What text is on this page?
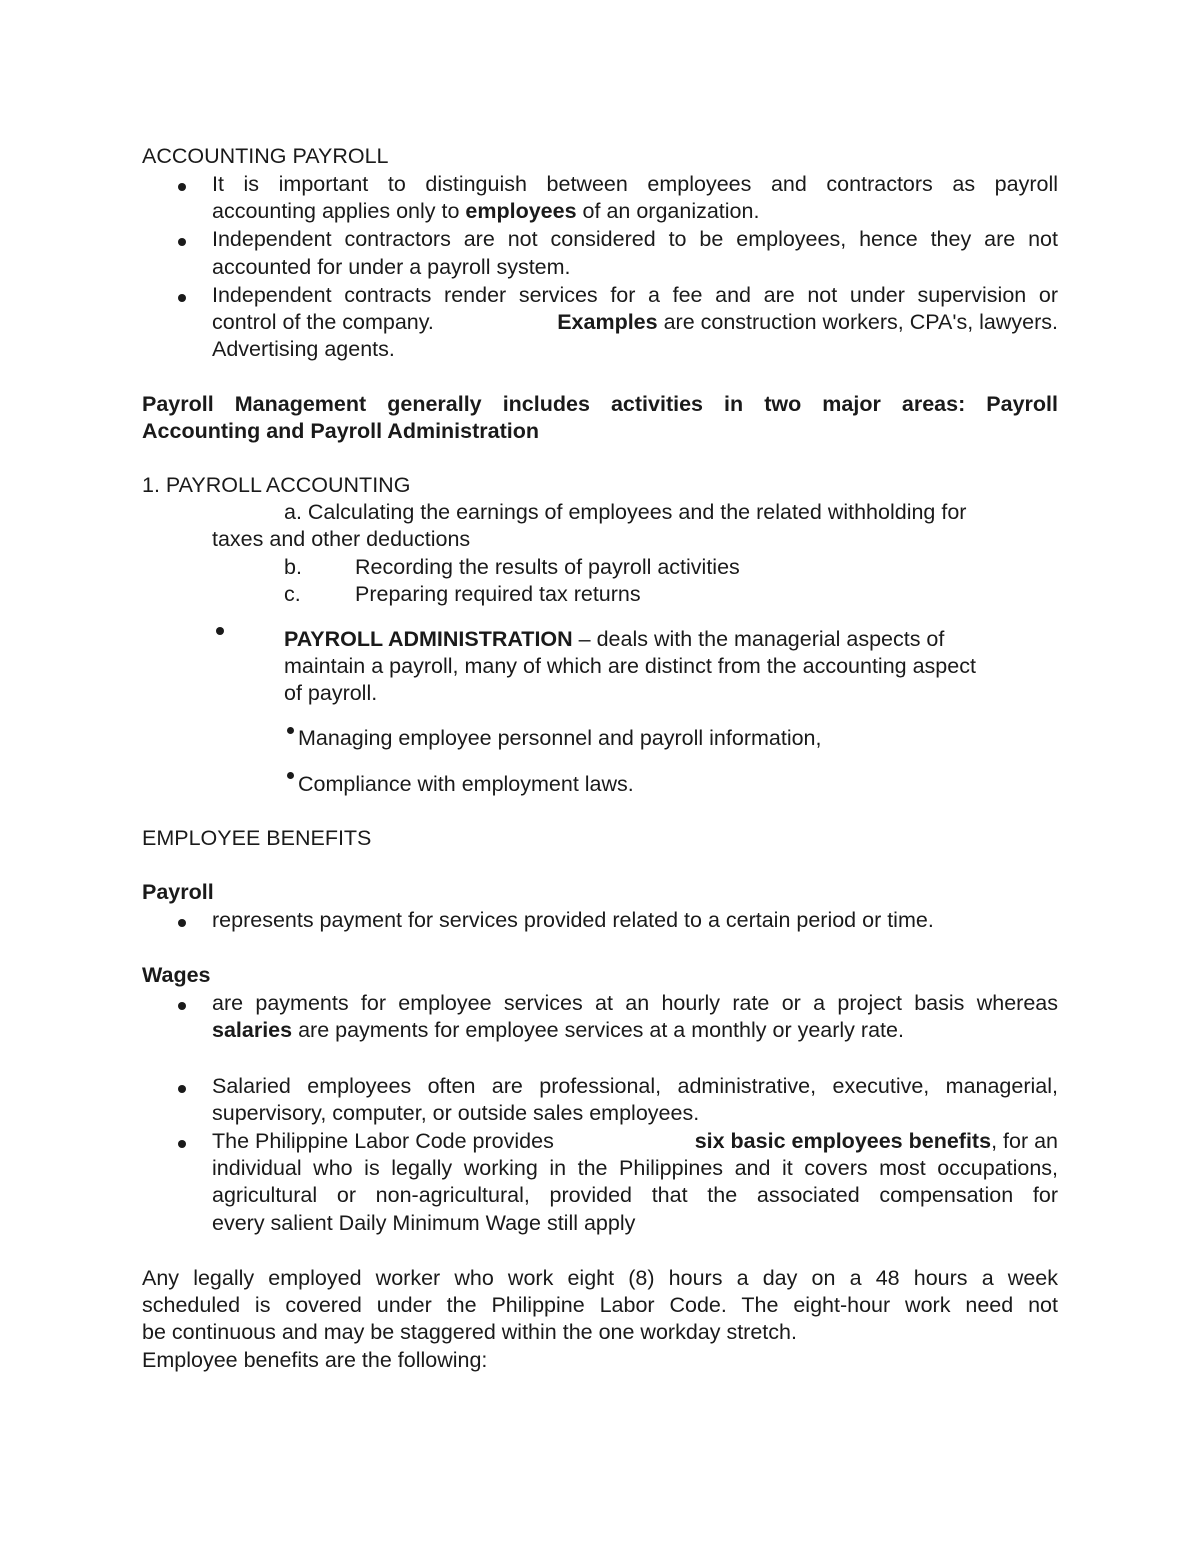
ACCOUNTING PAYROLL
It is important to distinguish between employees and contractors as payroll
accounting applies only to employees of an organization.
Independent contractors are not considered to be employees, hence they are not
accounted for under a payroll system.
Independent contracts render services for a fee and are not under supervision or
control of the company.	Examples are construction workers, CPA's, lawyers.
Advertising agents.
Payroll Management generally includes activities in two major areas: Payroll
Accounting and Payroll Administration
1. PAYROLL ACCOUNTING
a. Calculating the earnings of employees and the related withholding for
taxes and other deductions
b. Recording the results of payroll activities
c.	Preparing required tax returns
PAYROLL ADMINISTRATION – deals with the managerial aspects of
maintain a payroll, many of which are distinct from the accounting aspect
of payroll.
Managing employee personnel and payroll information,
Compliance with employment laws.
EMPLOYEE BENEFITS
Payroll
represents payment for services provided related to a certain period or time.
Wages
are payments for employee services at an hourly rate or a project basis whereas
salaries are payments for employee services at a monthly or yearly rate.
Salaried employees often are professional, administrative, executive, managerial,
supervisory, computer, or outside sales employees.
The Philippine Labor Code provides	six basic employees benefits, for an
individual who is legally working in the Philippines and it covers most occupations,
agricultural or non-agricultural, provided that the associated compensation for
every salient Daily Minimum Wage still apply
Any legally employed worker who work eight (8) hours a day on a 48 hours a week
scheduled is covered under the Philippine Labor Code. The eight-hour work need not
be continuous and may be staggered within the one workday stretch.
Employee benefits are the following:
